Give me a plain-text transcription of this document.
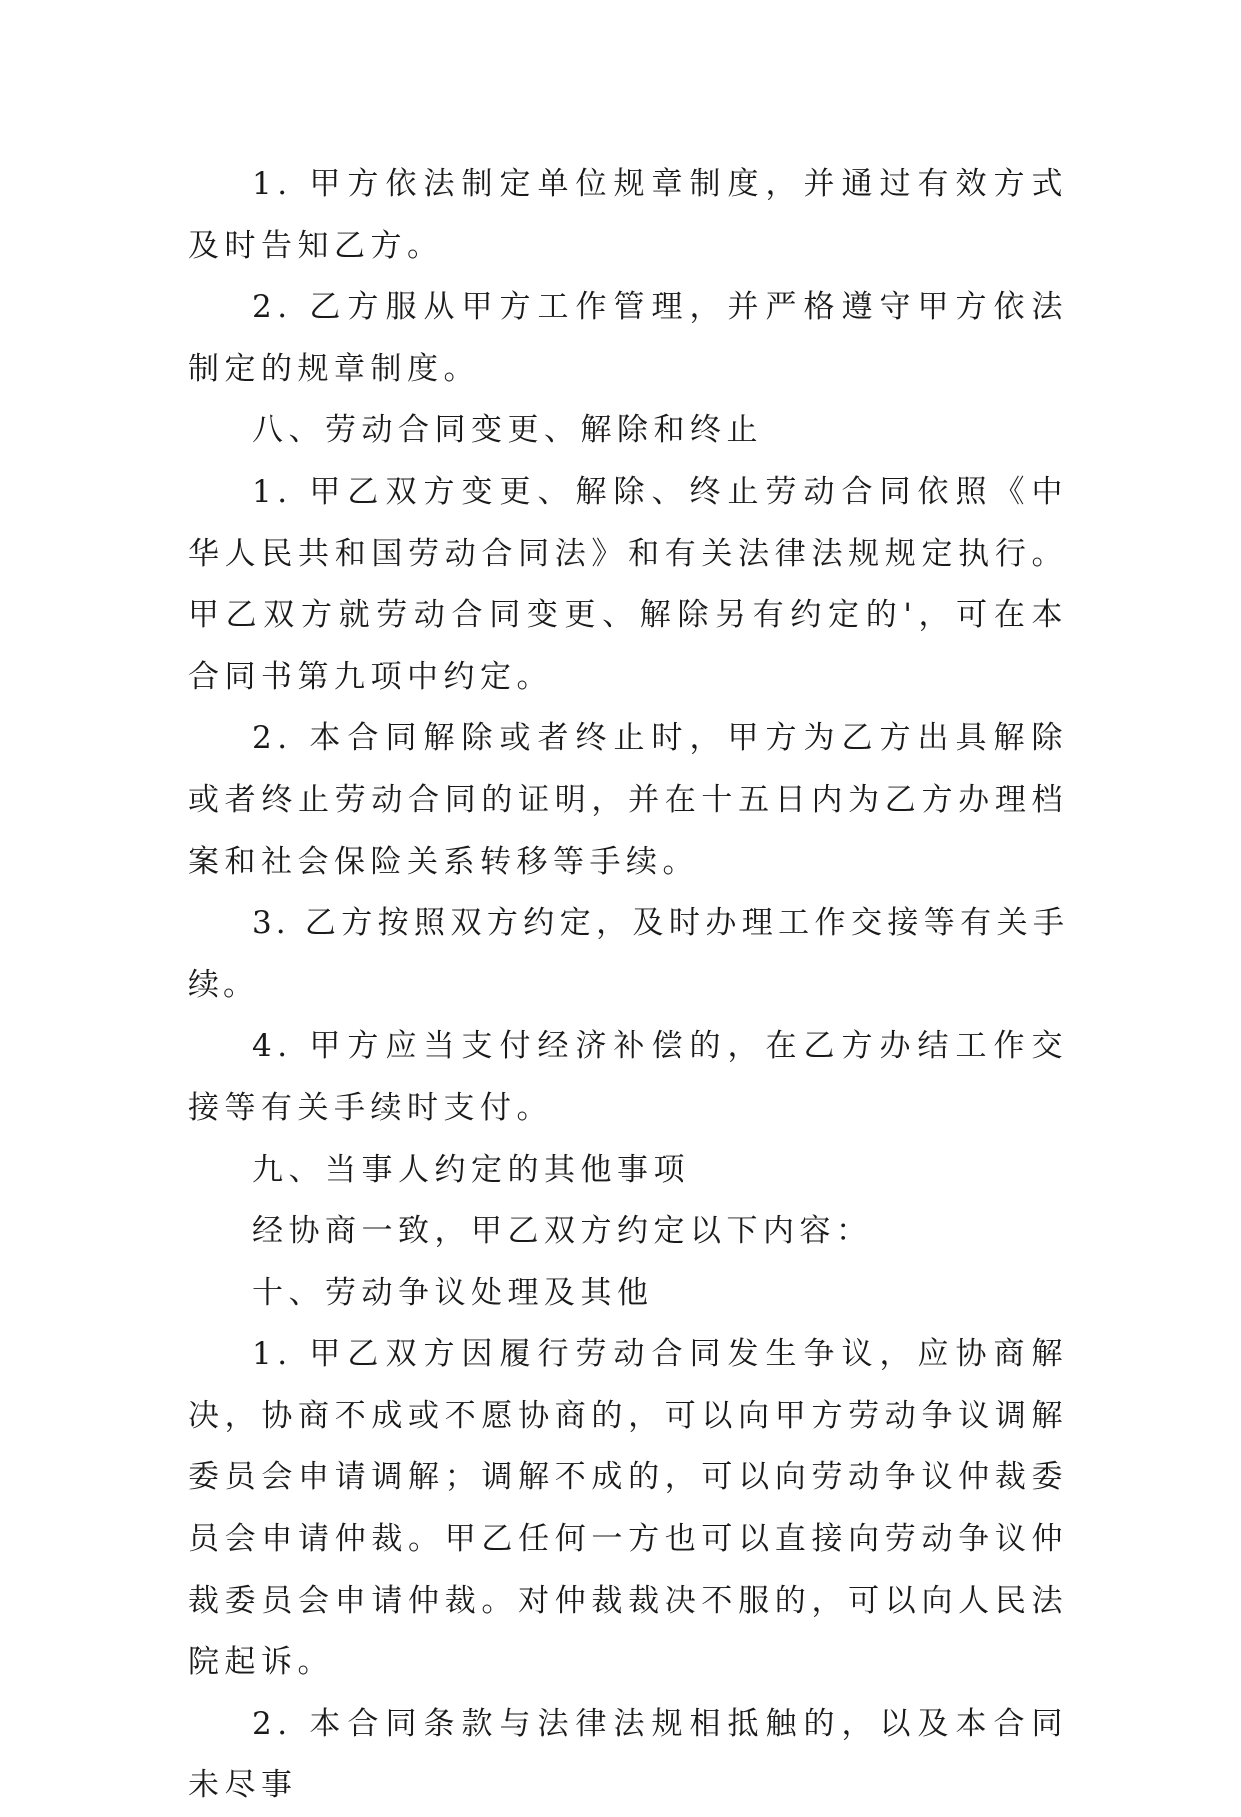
1. 甲方依法制定单位规章制度，并通过有效方式及时告知乙方。

2. 乙方服从甲方工作管理，并严格遵守甲方依法制定的规章制度。

八、劳动合同变更、解除和终止

1. 甲乙双方变更、解除、终止劳动合同依照《中华人民共和国劳动合同法》和有关法律法规规定执行。甲乙双方就劳动合同变更、解除另有约定的'，可在本合同书第九项中约定。

2. 本合同解除或者终止时，甲方为乙方出具解除或者终止劳动合同的证明，并在十五日内为乙方办理档案和社会保险关系转移等手续。

3. 乙方按照双方约定，及时办理工作交接等有关手续。

4. 甲方应当支付经济补偿的，在乙方办结工作交接等有关手续时支付。

九、当事人约定的其他事项

经协商一致，甲乙双方约定以下内容：

十、劳动争议处理及其他

1. 甲乙双方因履行劳动合同发生争议，应协商解决，协商不成或不愿协商的，可以向甲方劳动争议调解委员会申请调解；调解不成的，可以向劳动争议仲裁委员会申请仲裁。甲乙任何一方也可以直接向劳动争议仲裁委员会申请仲裁。对仲裁裁决不服的，可以向人民法院起诉。

2. 本合同条款与法律法规相抵触的，以及本合同未尽事
